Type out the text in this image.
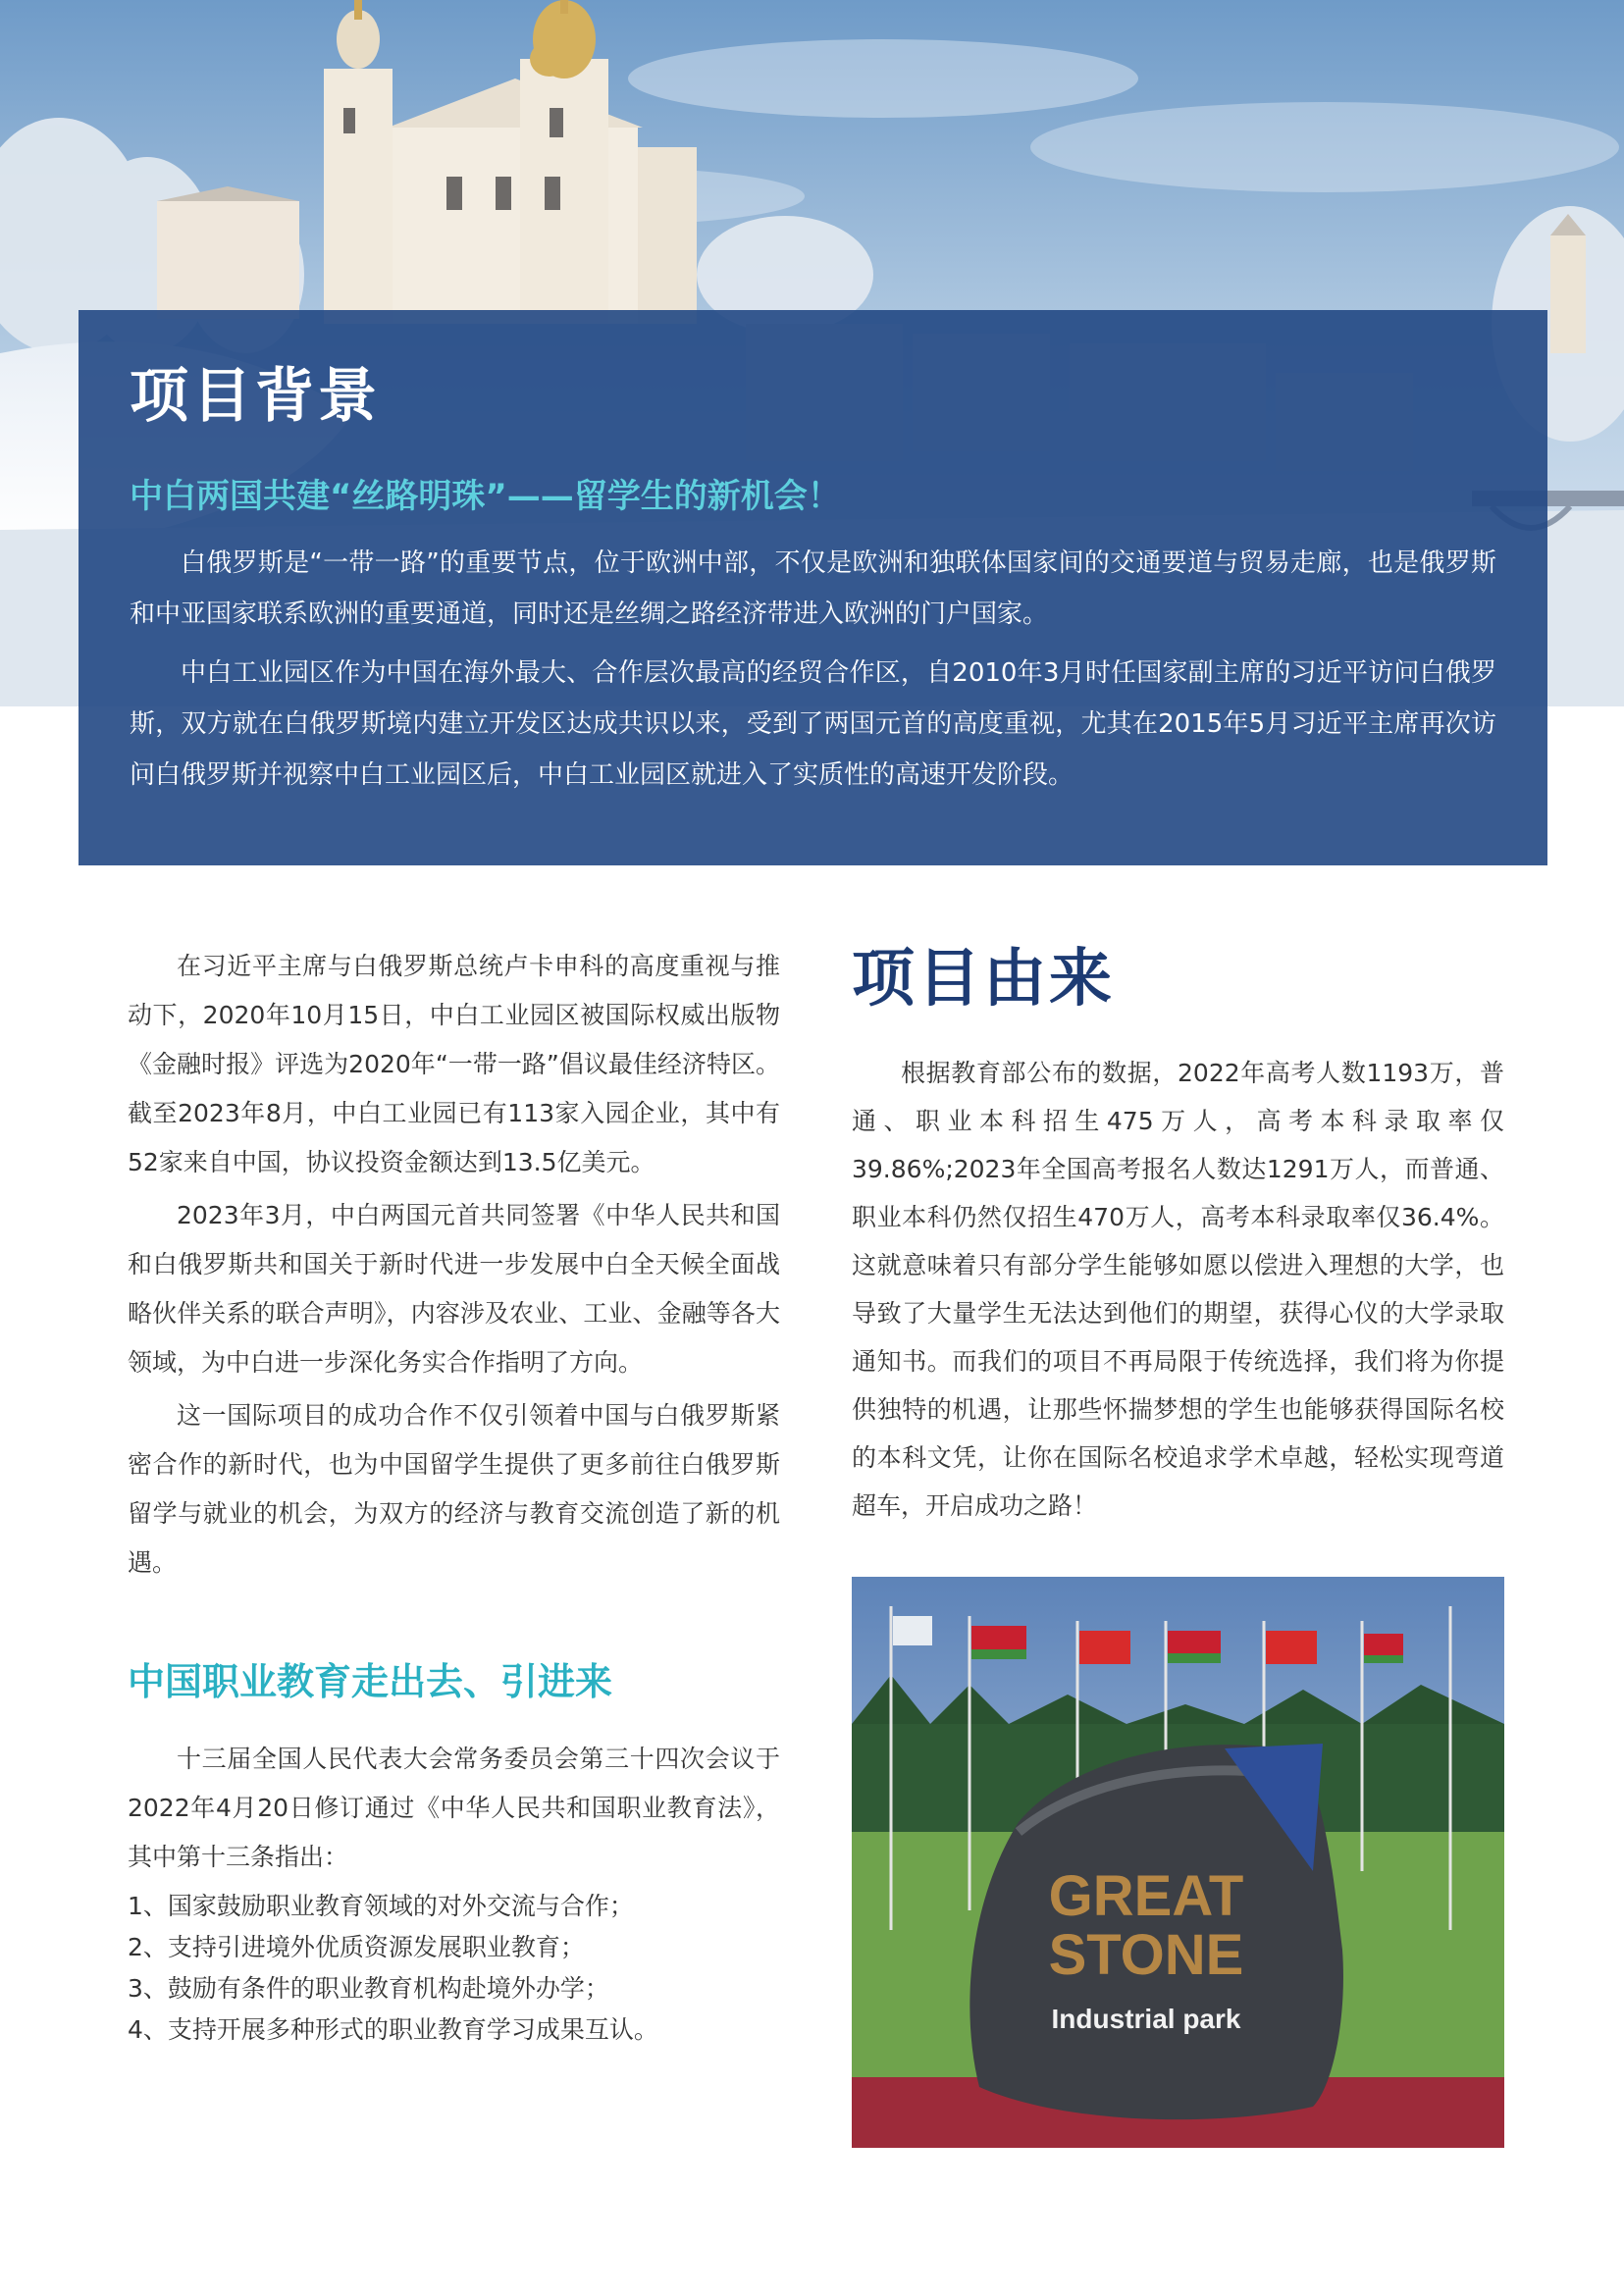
项目背景
中白两国共建“丝路明珠”——留学生的新机会！

白俄罗斯是“一带一路”的重要节点，位于欧洲中部，不仅是欧洲和独联体国家间的交通要道与贸易走廊，也是俄罗斯和中亚国家联系欧洲的重要通道，同时还是丝绸之路经济带进入欧洲的门户国家。

中白工业园区作为中国在海外最大、合作层次最高的经贸合作区，自2010年3月时任国家副主席的习近平访问白俄罗斯，双方就在白俄罗斯境内建立开发区达成共识以来，受到了两国元首的高度重视，尤其在2015年5月习近平主席再次访问白俄罗斯并视察中白工业园区后，中白工业园区就进入了实质性的高速开发阶段。

在习近平主席与白俄罗斯总统卢卡申科的高度重视与推动下，2020年10月15日，中白工业园区被国际权威出版物《金融时报》评选为2020年“一带一路”倡议最佳经济特区。截至2023年8月，中白工业园已有113家入园企业，其中有52家来自中国，协议投资金额达到13.5亿美元。

2023年3月，中白两国元首共同签署《中华人民共和国和白俄罗斯共和国关于新时代进一步发展中白全天候全面战略伙伴关系的联合声明》，内容涉及农业、工业、金融等各大领域，为中白进一步深化务实合作指明了方向。

这一国际项目的成功合作不仅引领着中国与白俄罗斯紧密合作的新时代，也为中国留学生提供了更多前往白俄罗斯留学与就业的机会，为双方的经济与教育交流创造了新的机遇。

中国职业教育走出去、引进来

十三届全国人民代表大会常务委员会第三十四次会议于2022年4月20日修订通过《中华人民共和国职业教育法》，其中第十三条指出：

1、国家鼓励职业教育领域的对外交流与合作；
2、支持引进境外优质资源发展职业教育；
3、鼓励有条件的职业教育机构赴境外办学；
4、支持开展多种形式的职业教育学习成果互认。
项目由来

根据教育部公布的数据，2022年高考人数1193万，普通、职业本科招生475万人，高考本科录取率仅39.86%;2023年全国高考报名人数达1291万人，而普通、职业本科仍然仅招生470万人，高考本科录取率仅36.4%。这就意味着只有部分学生能够如愿以偿进入理想的大学，也导致了大量学生无法达到他们的期望，获得心仪的大学录取通知书。而我们的项目不再局限于传统选择，我们将为你提供独特的机遇，让那些怀揣梦想的学生也能够获得国际名校的本科文凭，让你在国际名校追求学术卓越，轻松实现弯道超车，开启成功之路！

GREAT
STONE
Industrial park
